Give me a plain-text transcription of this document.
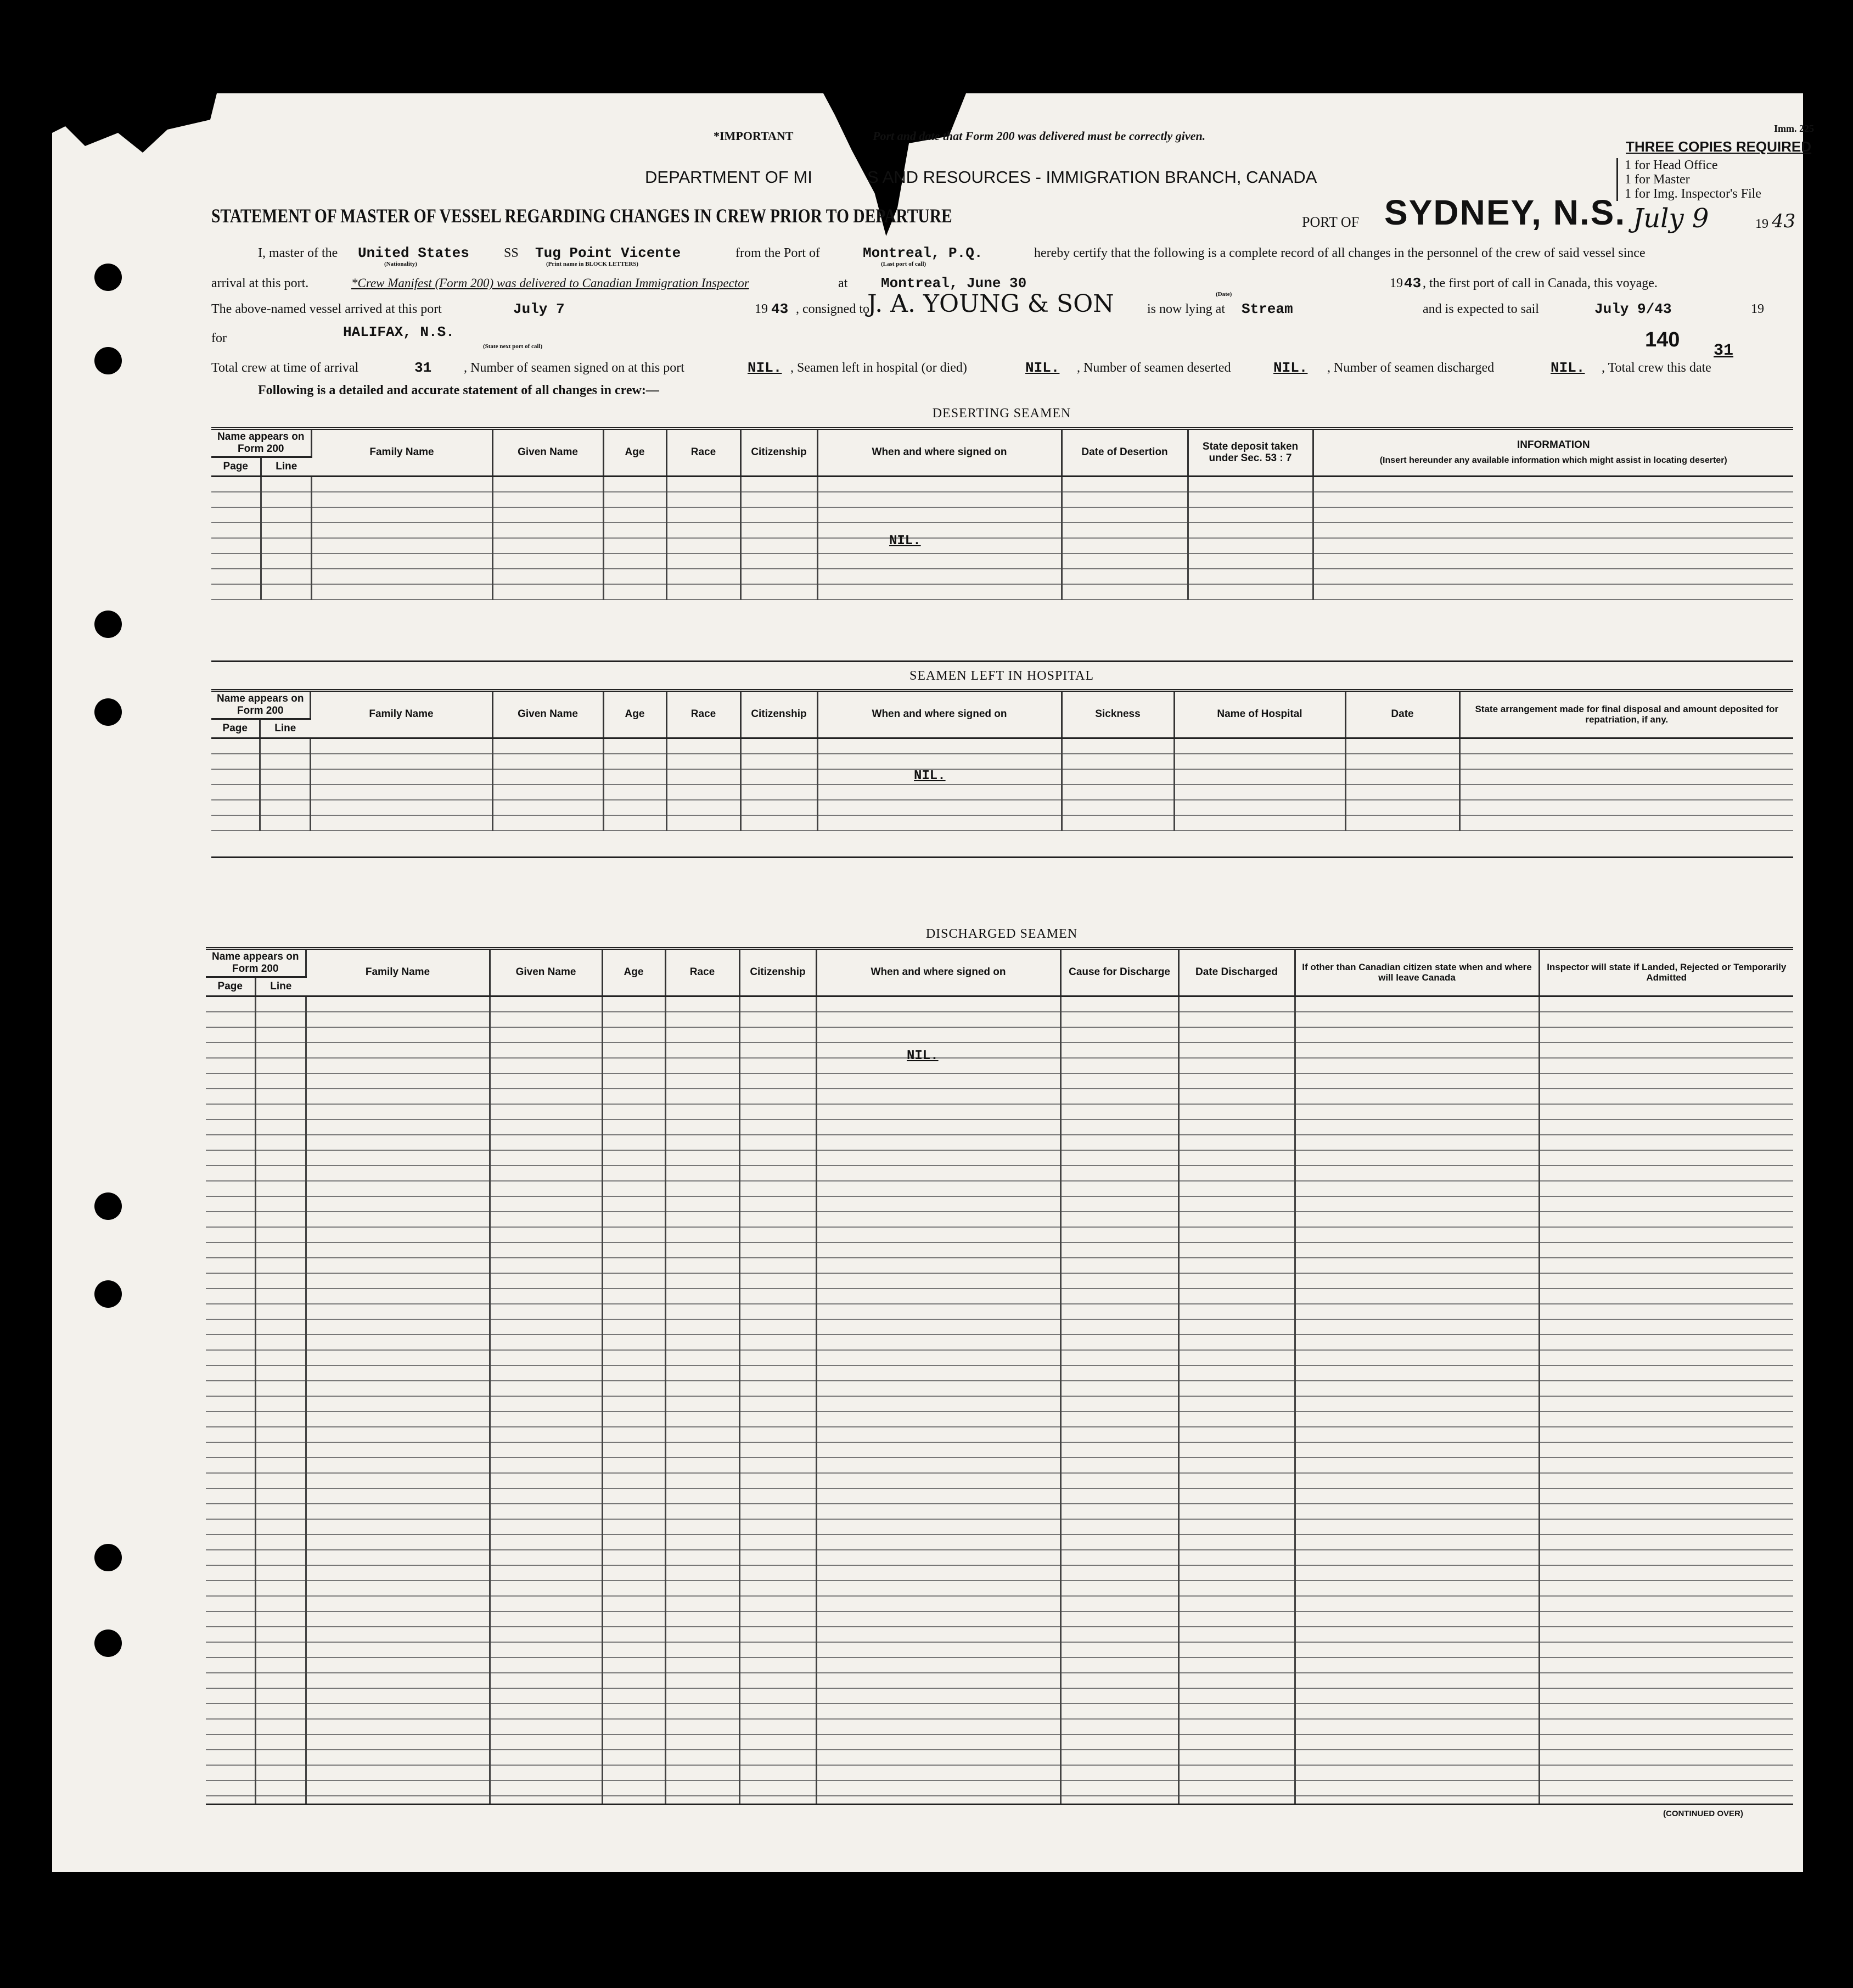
*IMPORTANT	Port and date that Form 200 was delivered must be correctly given.
Imm. 225
DEPARTMENT OF MI	S AND RESOURCES - IMMIGRATION BRANCH, CANADA
STATEMENT OF MASTER OF VESSEL REGARDING CHANGES IN CREW PRIOR TO DEPARTURE
THREE COPIES REQUIRED
1 for Head Office
1 for Master
1 for Img. Inspector's File
PORT OF SYDNEY, N.S. July 9	19 43
I, master of the United States
(Nationality)
SS Tug Point Vicente
(Print name in BLOCK LETTERS)
from the Port of	Montreal, P.Q.
(Last port of call)
hereby certify that the following is a complete record of all changes in the personnel of the crew of said vessel since
arrival at this port.	*Crew Manifest (Form 200) was delivered to Canadian Immigration Inspector	at Montreal, June 30
(Date)
19 43 , the first port of call in Canada, this voyage.
The above-named vessel arrived at this port	July 7	19 43 , consigned to
J. A. YOUNG & SON	is now lying at Stream	and is expected to sail	July 9/43	19
for	HALIFAX, N.S.
(State next port of call)	140 31
Total crew at time of arrival	31 , Number of seamen signed on at this port	NIL. , Seamen left in hospital (or died)	NIL. , Number of seamen deserted	NIL. , Number of seamen discharged	NIL. , Total crew this date
Following is a detailed and accurate statement of all changes in crew:—
DESERTING SEAMEN
Name appears on Form 200		Family Name	Given Name	Age	Race	Citizenship	When and where signed on	Date of Desertion	State deposit taken under Sec. 53 : 7	INFORMATION
(Insert hereunder any available information which might assist in locating deserter)

Page	Line									

NIL.
SEAMEN LEFT IN HOSPITAL
Name appears on Form 200		Family Name	Given Name	Age	Race	Citizenship	When and where signed on	Sickness	Name of Hospital	Date	State arrangement made for final disposal and amount deposited for repatriation, if any.
Page	Line										

NIL.
DISCHARGED SEAMEN
Name appears on Form 200		Family Name	Given Name	Age	Race	Citizenship	When and where signed on	Cause for Discharge	Date Discharged	If other than Canadian citizen state when and where will leave Canada	Inspector will state if Landed, Rejected or Temporarily Admitted
Page	Line										

NIL.
(CONTINUED OVER)
